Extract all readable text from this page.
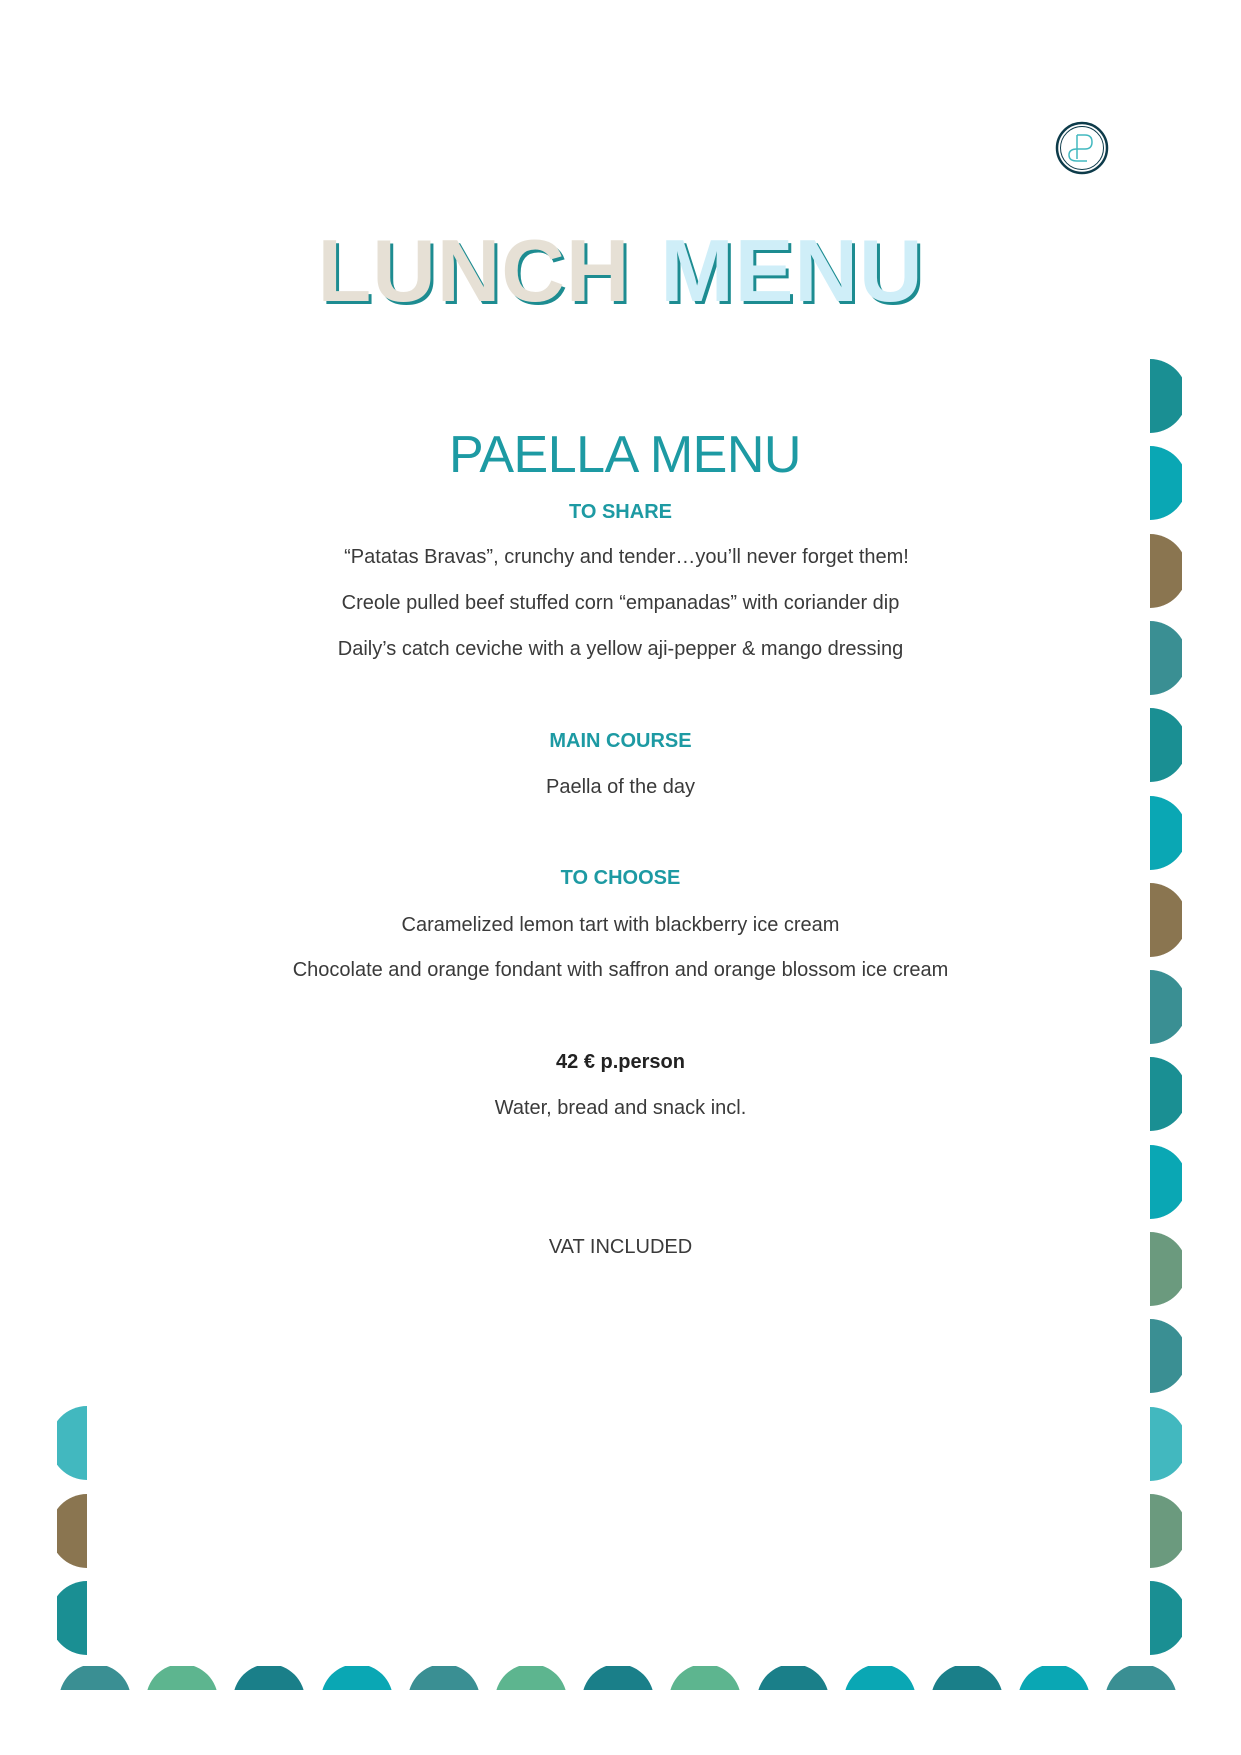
LUNCH MENU
PAELLA MENU
TO SHARE
“Patatas Bravas”, crunchy and tender…you’ll never forget them!
Creole pulled beef stuffed corn “empanadas” with coriander dip
Daily’s catch ceviche with a yellow aji-pepper & mango dressing
MAIN COURSE
Paella of the day
TO CHOOSE
Caramelized lemon tart with blackberry ice cream
Chocolate and orange fondant with saffron and orange blossom ice cream
42 € p.person
Water, bread and snack incl.
VAT INCLUDED
